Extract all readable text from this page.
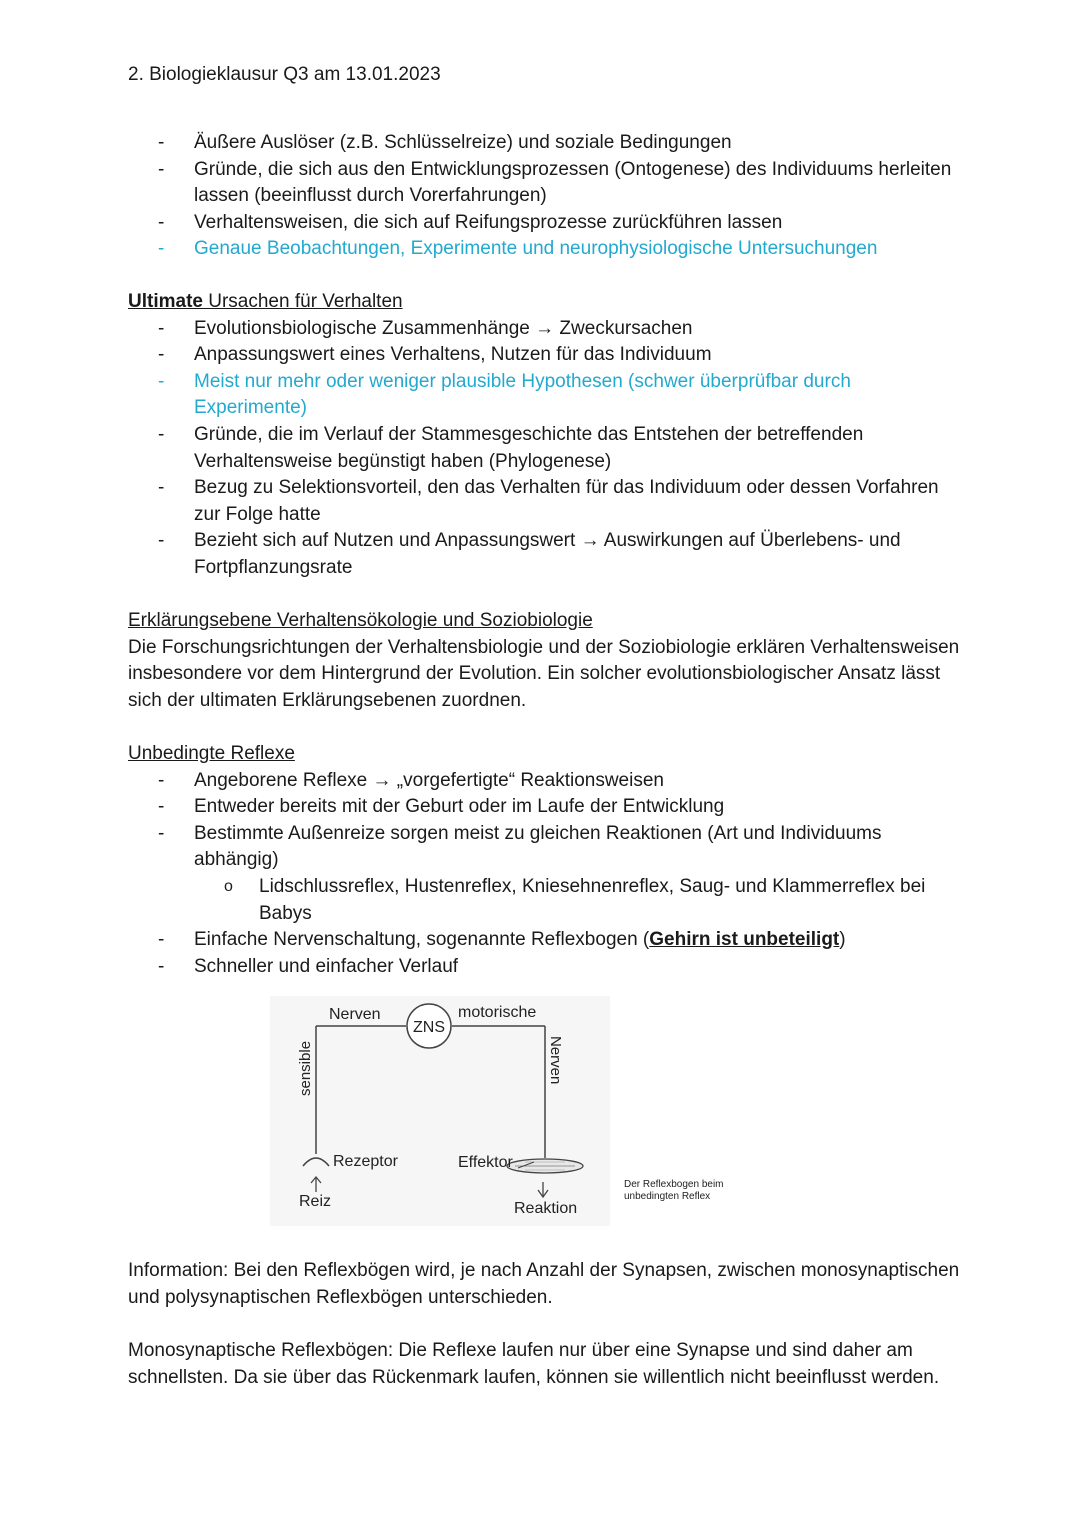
2. Biologieklausur Q3 am 13.01.2023
- Äußere Auslöser (z.B. Schlüsselreize) und soziale Bedingungen
- Gründe, die sich aus den Entwicklungsprozessen (Ontogenese) des Individuums herleiten lassen (beeinflusst durch Vorerfahrungen)
- Verhaltensweisen, die sich auf Reifungsprozesse zurückführen lassen
- Genaue Beobachtungen, Experimente und neurophysiologische Untersuchungen
Ultimate Ursachen für Verhalten
- Evolutionsbiologische Zusammenhänge → Zweckursachen
- Anpassungswert eines Verhaltens, Nutzen für das Individuum
- Meist nur mehr oder weniger plausible Hypothesen (schwer überprüfbar durch Experimente)
- Gründe, die im Verlauf der Stammesgeschichte das Entstehen der betreffenden Verhaltensweise begünstigt haben (Phylogenese)
- Bezug zu Selektionsvorteil, den das Verhalten für das Individuum oder dessen Vorfahren zur Folge hatte
- Bezieht sich auf Nutzen und Anpassungswert → Auswirkungen auf Überlebens- und Fortpflanzungsrate
Erklärungsebene Verhaltensökologie und Soziobiologie

Die Forschungsrichtungen der Verhaltensbiologie und der Soziobiologie erklären Verhaltensweisen insbesondere vor dem Hintergrund der Evolution. Ein solcher evolutionsbiologischer Ansatz lässt sich der ultimaten Erklärungsebenen zuordnen.

Unbedingte Reflexe
- Angeborene Reflexe → „vorgefertigte“ Reaktionsweisen
- Entweder bereits mit der Geburt oder im Laufe der Entwicklung
- Bestimmte Außenreize sorgen meist zu gleichen Reaktionen (Art und Individuums abhängig)
o Lidschlussreflex, Hustenreflex, Kniesehnenreflex, Saug- und Klammerreflex bei Babys
- Einfache Nervenschaltung, sogenannte Reflexbogen (Gehirn ist unbeteiligt)
- Schneller und einfacher Verlauf
ZNS
Nerven	motorische
sensible	Nerven
Rezeptor
Reiz
Effektor
Reaktion
Der Reflexbogen beim
unbedingten Reflex

Information: Bei den Reflexbögen wird, je nach Anzahl der Synapsen, zwischen monosynaptischen und polysynaptischen Reflexbögen unterschieden.

Monosynaptische Reflexbögen: Die Reflexe laufen nur über eine Synapse und sind daher am schnellsten. Da sie über das Rückenmark laufen, können sie willentlich nicht beeinflusst werden.
